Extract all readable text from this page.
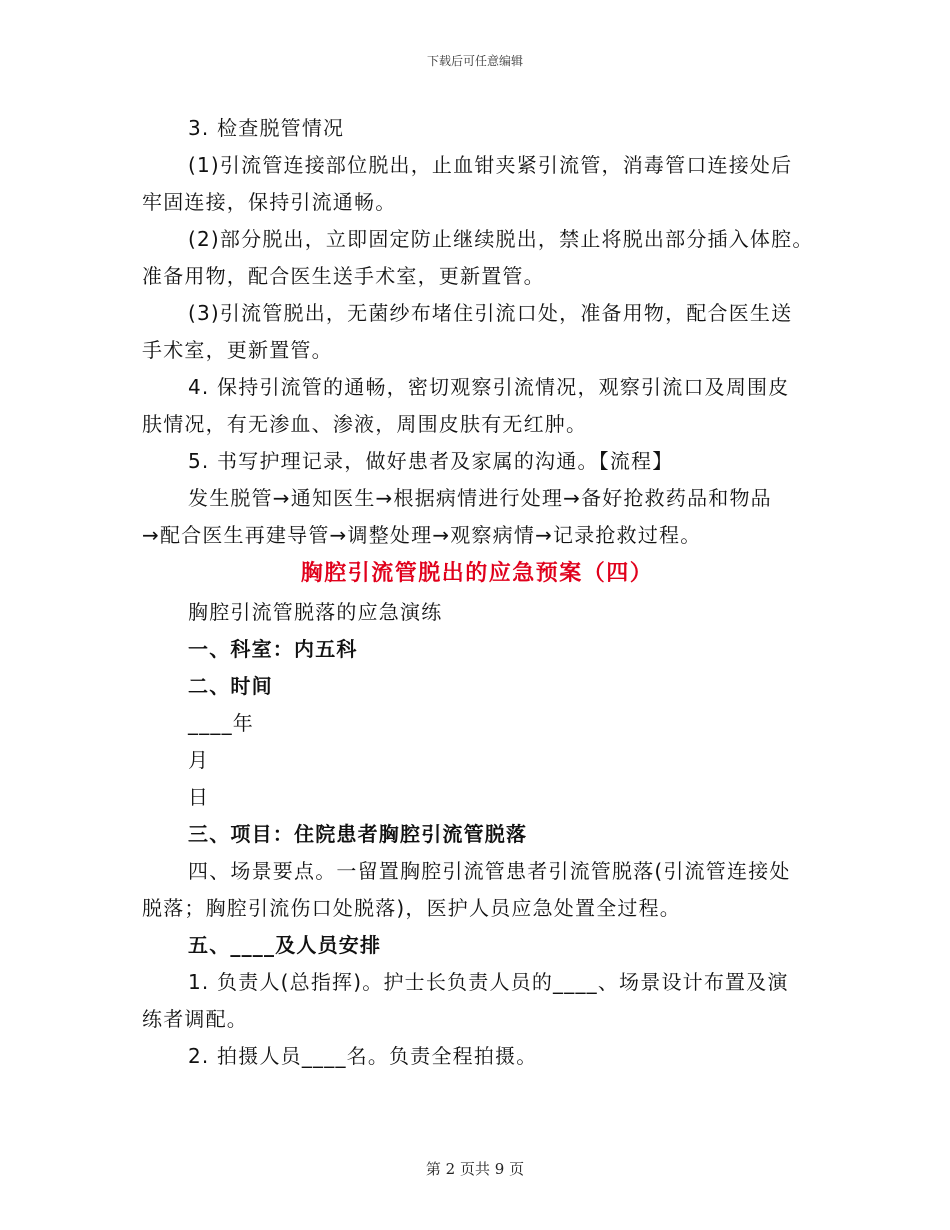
下载后可任意编辑
3. 检查脱管情况
(1)引流管连接部位脱出，止血钳夹紧引流管，消毒管口连接处后
牢固连接，保持引流通畅。
(2)部分脱出，立即固定防止继续脱出，禁止将脱出部分插入体腔。
准备用物，配合医生送手术室，更新置管。
(3)引流管脱出，无菌纱布堵住引流口处，准备用物，配合医生送
手术室，更新置管。
4. 保持引流管的通畅，密切观察引流情况，观察引流口及周围皮
肤情况，有无渗血、渗液，周围皮肤有无红肿。
5. 书写护理记录，做好患者及家属的沟通。【流程】
发生脱管→通知医生→根据病情进行处理→备好抢救药品和物品
→配合医生再建导管→调整处理→观察病情→记录抢救过程。
胸腔引流管脱出的应急预案（四）
胸腔引流管脱落的应急演练
一、科室：内五科
二、时间
____年
月
日
三、项目：住院患者胸腔引流管脱落
四、场景要点。一留置胸腔引流管患者引流管脱落(引流管连接处
脱落；胸腔引流伤口处脱落)，医护人员应急处置全过程。
五、____及人员安排
1. 负责人(总指挥)。护士长负责人员的____、场景设计布置及演
练者调配。
2. 拍摄人员____名。负责全程拍摄。
第 2 页共 9 页
